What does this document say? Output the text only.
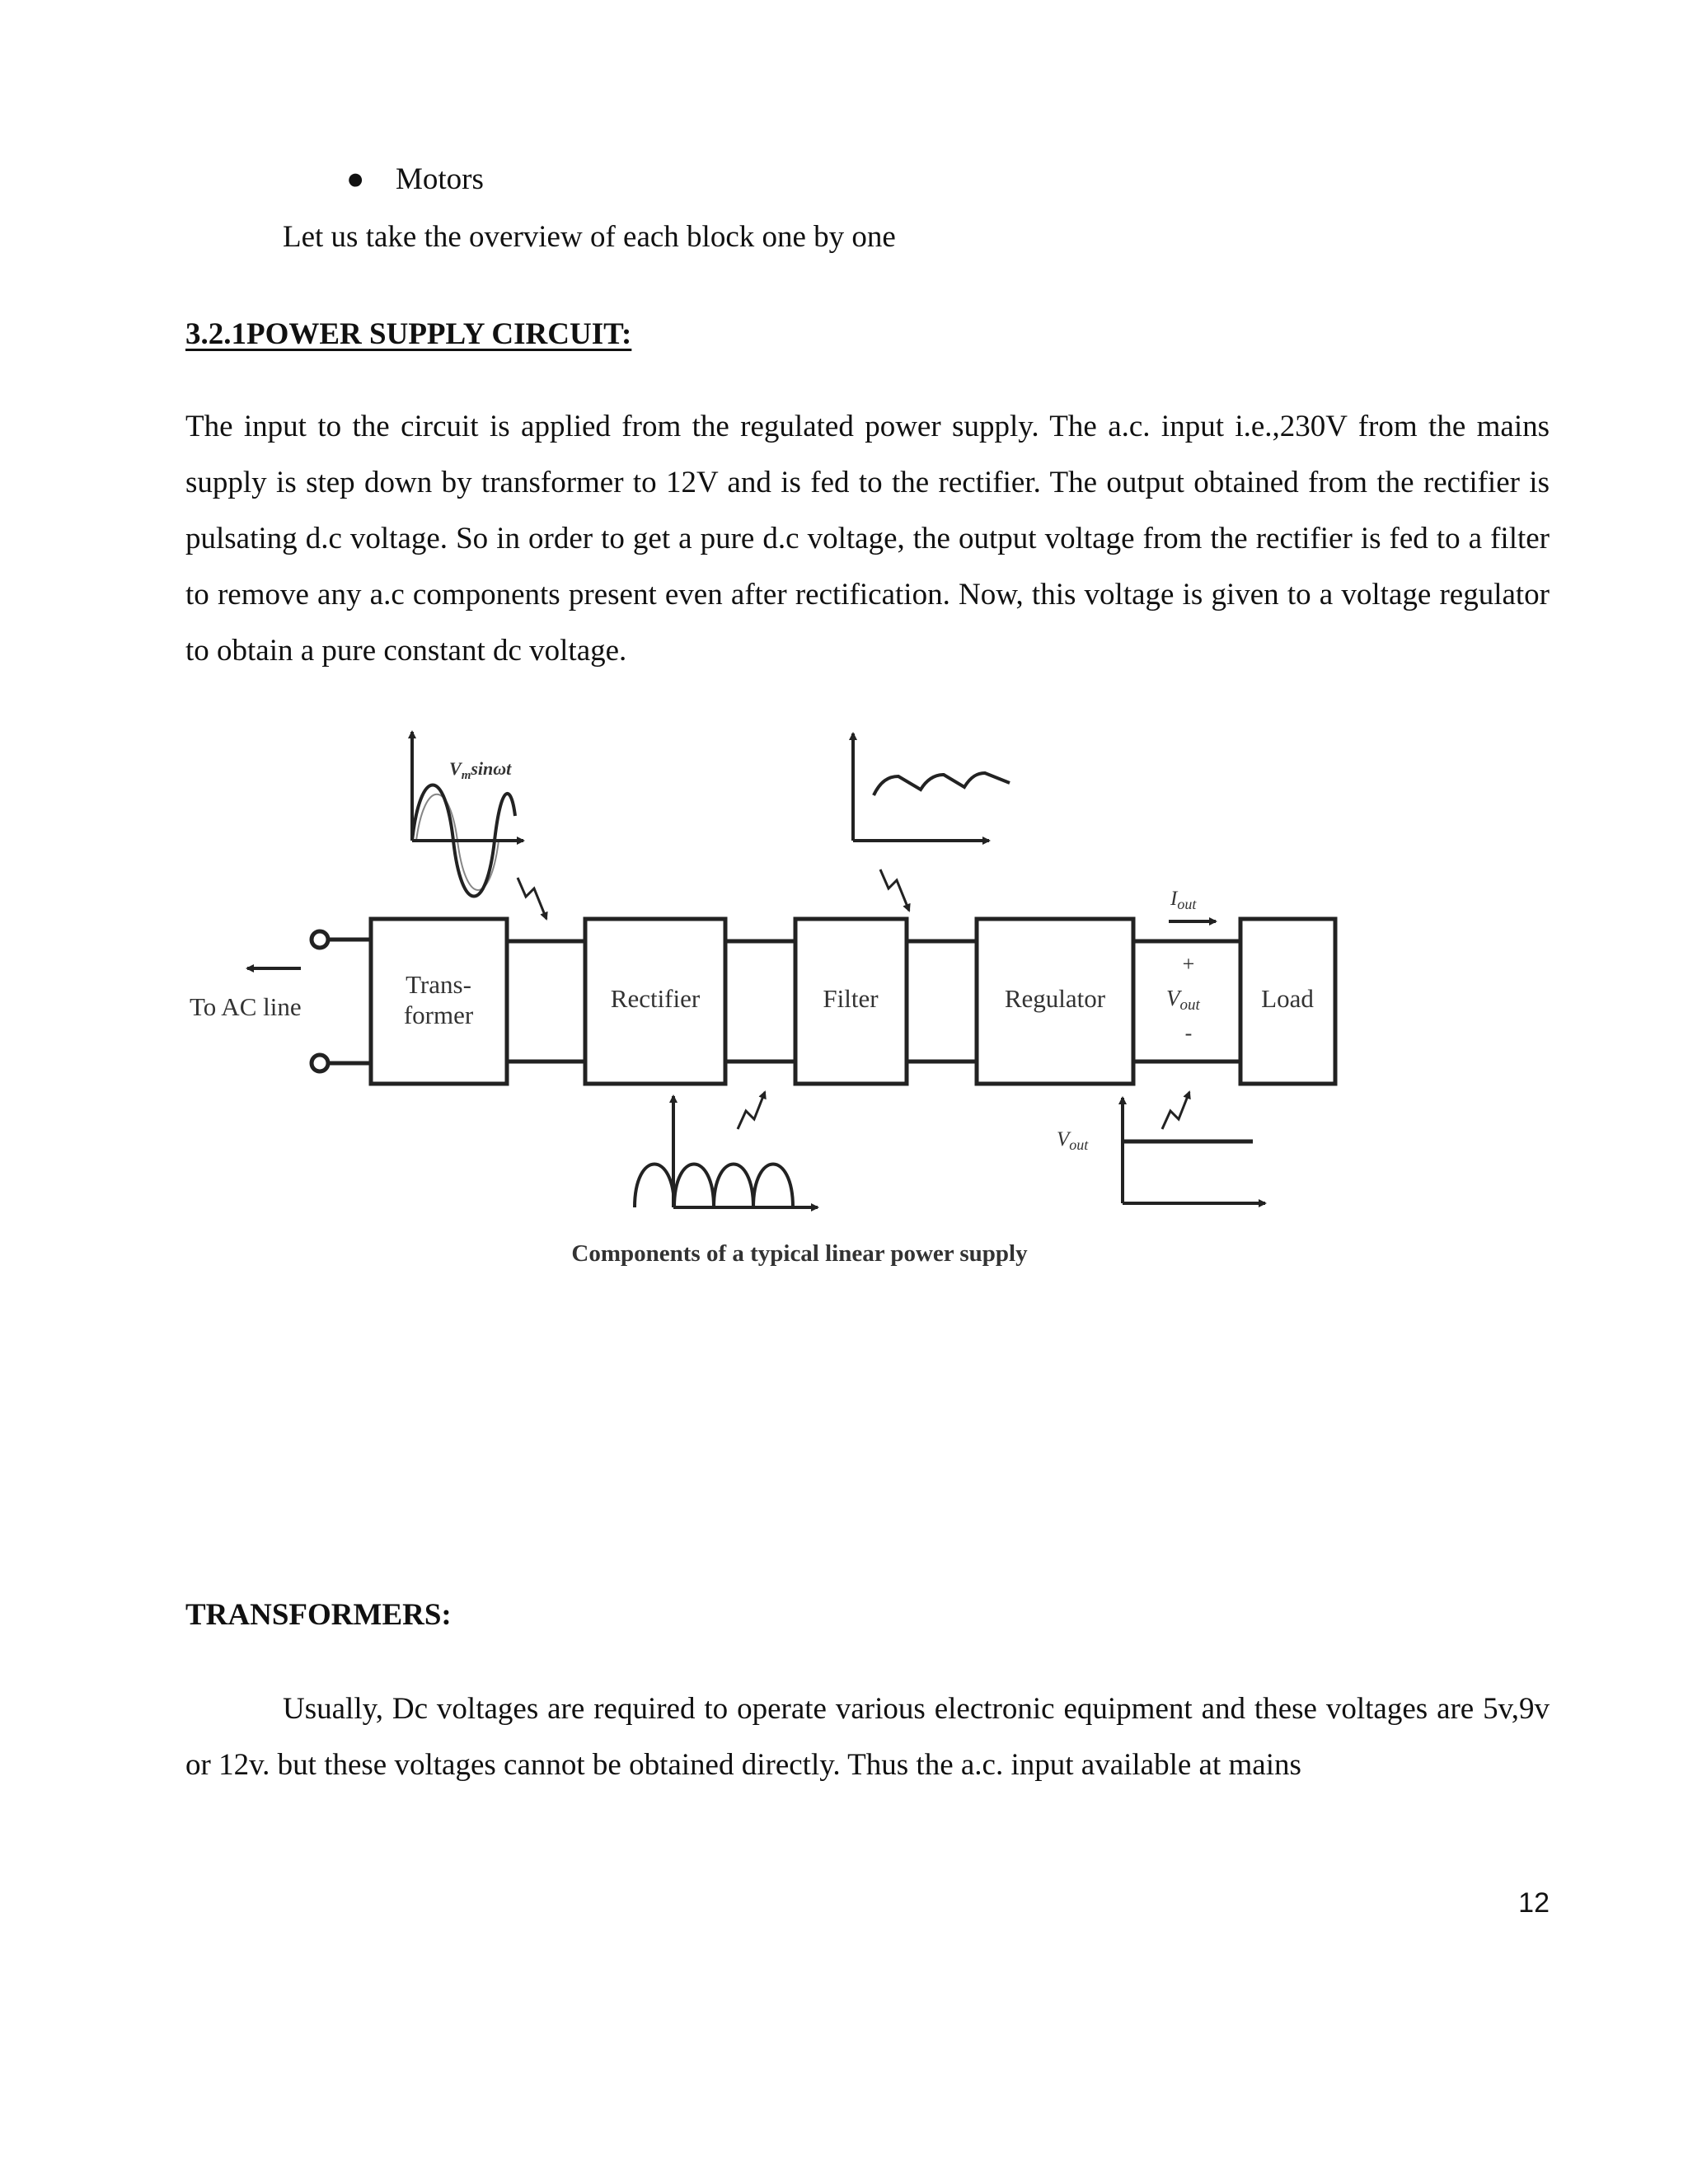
● Motors
Let us take the overview of each block one by one
3.2.1POWER SUPPLY CIRCUIT:
The input to the circuit is applied from the regulated power supply. The a.c. input i.e.,230V from the mains supply is step down by transformer to 12V and is fed to the rectifier. The output obtained from the rectifier is pulsating d.c voltage. So in order to get a pure d.c voltage, the output voltage from the rectifier is fed to a filter to remove any a.c components present even after rectification. Now, this voltage is given to a voltage regulator to obtain a pure constant dc voltage.
To AC line
Trans-
former
Rectifier	Filter	Regulator	Load
$I_{out}$
+
Vout
-
$V_m\sin\omega t$
$V_{out}$
Components of a typical linear power supply
TRANSFORMERS:
Usually, Dc voltages are required to operate various electronic equipment and these voltages are 5v,9v or 12v. but these voltages cannot be obtained directly. Thus the a.c. input available at mains
12
